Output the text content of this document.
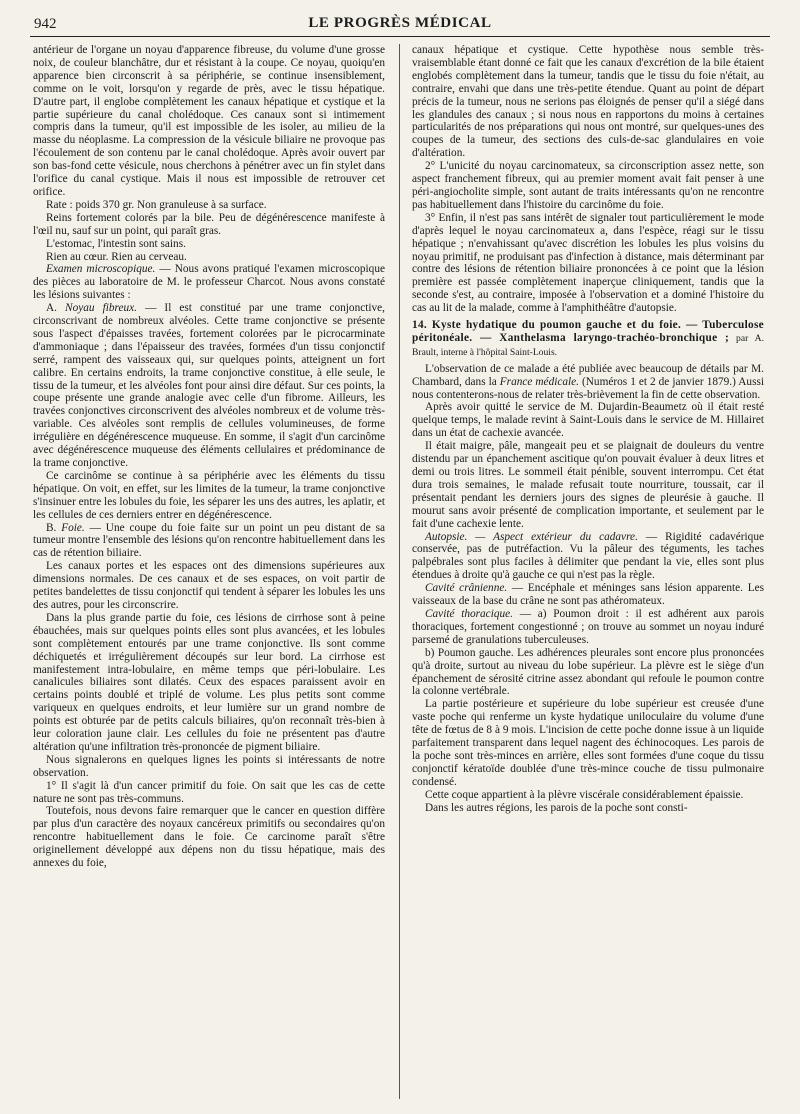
942	LE PROGRÈS MÉDICAL

antérieur de l'organe un noyau d'apparence fibreuse, du volume d'une grosse noix, de couleur blanchâtre, dur et résistant à la coupe. Ce noyau, quoiqu'en apparence bien circonscrit à sa périphérie, se continue insensiblement, comme on le voit, lorsqu'on y regarde de près, avec le tissu hépatique. D'autre part, il englobe complètement les canaux hépatique et cystique et la partie supérieure du canal cholédoque. Ces canaux sont si intimement compris dans la tumeur, qu'il est impossible de les isoler, au milieu de la masse du néoplasme. La compression de la vésicule biliaire ne provoque pas l'écoulement de son contenu par le canal cholédoque. Après avoir ouvert par son bas-fond cette vésicule, nous cherchons à pénétrer avec un fin stylet dans l'orifice du canal cystique. Mais il nous est impossible de retrouver cet orifice.

Rate : poids 370 gr. Non granuleuse à sa surface.

Reins fortement colorés par la bile. Peu de dégénérescence manifeste à l'œil nu, sauf sur un point, qui paraît gras.

L'estomac, l'intestin sont sains.

Rien au cœur. Rien au cerveau.

Examen microscopique. — Nous avons pratiqué l'examen microscopique des pièces au laboratoire de M. le professeur Charcot. Nous avons constaté les lésions suivantes :

A. Noyau fibreux. — Il est constitué par une trame conjonctive, circonscrivant de nombreux alvéoles. Cette trame conjonctive se présente sous l'aspect d'épaisses travées, fortement colorées par le picrocarminate d'ammoniaque ; dans l'épaisseur des travées, formées d'un tissu conjonctif serré, rampent des vaisseaux qui, sur quelques points, atteignent un fort calibre. En certains endroits, la trame conjonctive constitue, à elle seule, le tissu de la tumeur, et les alvéoles font pour ainsi dire défaut. Sur ces points, la coupe présente une grande analogie avec celle d'un fibrome. Ailleurs, les travées conjonctives circonscrivent des alvéoles nombreux et de volume très-variable. Ces alvéoles sont remplis de cellules volumineuses, de forme irrégulière en dégénérescence muqueuse. En somme, il s'agit d'un carcinôme avec dégénérescence muqueuse des éléments cellulaires et prédominance de la trame conjonctive.

Ce carcinôme se continue à sa périphérie avec les éléments du tissu hépatique. On voit, en effet, sur les limites de la tumeur, la trame conjonctive s'insinuer entre les lobules du foie, les séparer les uns des autres, les aplatir, et les cellules de ces derniers entrer en dégénérescence.

B. Foie. — Une coupe du foie faite sur un point un peu distant de sa tumeur montre l'ensemble des lésions qu'on rencontre habituellement dans les cas de rétention biliaire.

Les canaux portes et les espaces ont des dimensions supérieures aux dimensions normales. De ces canaux et de ses espaces, on voit partir de petites bandelettes de tissu conjonctif qui tendent à séparer les lobules les uns des autres, pour les circonscrire.

Dans la plus grande partie du foie, ces lésions de cirrhose sont à peine ébauchées, mais sur quelques points elles sont plus avancées, et les lobules sont complètement entourés par une trame conjonctive. Ils sont comme déchiquetés et irrégulièrement découpés sur leur bord. La cirrhose est manifestement intra-lobulaire, en même temps que péri-lobulaire. Les canalicules biliaires sont dilatés. Ceux des espaces paraissent avoir en certains points doublé et triplé de volume. Les plus petits sont comme variqueux en quelques endroits, et leur lumière sur un grand nombre de points est obturée par de petits calculs biliaires, qu'on reconnaît très-bien à leur coloration jaune clair. Les cellules du foie ne présentent pas d'autre altération qu'une infiltration très-prononcée de pigment biliaire.

Nous signalerons en quelques lignes les points si intéressants de notre observation.

1° Il s'agit là d'un cancer primitif du foie. On sait que les cas de cette nature ne sont pas très-communs.

Toutefois, nous devons faire remarquer que le cancer en question diffère par plus d'un caractère des noyaux cancéreux primitifs ou secondaires qu'on rencontre habituellement dans le foie. Ce carcinome paraît s'être originellement développé aux dépens non du tissu hépatique, mais des annexes du foie,

canaux hépatique et cystique. Cette hypothèse nous semble très-vraisemblable étant donné ce fait que les canaux d'excrétion de la bile étaient englobés complètement dans la tumeur, tandis que le tissu du foie n'était, au contraire, envahi que dans une très-petite étendue. Quant au point de départ précis de la tumeur, nous ne serions pas éloignés de penser qu'il a siégé dans les glandules des canaux ; si nous nous en rapportons du moins à certaines particularités de nos préparations qui nous ont montré, sur quelques-unes des coupes de la tumeur, des sections des culs-de-sac glandulaires en voie d'altération.

2° L'unicité du noyau carcinomateux, sa circonscription assez nette, son aspect franchement fibreux, qui au premier moment avait fait penser à une péri-angiocholite simple, sont autant de traits intéressants qu'on ne rencontre pas habituellement dans l'histoire du carcinôme du foie.

3° Enfin, il n'est pas sans intérêt de signaler tout particulièrement le mode d'après lequel le noyau carcinomateux a, dans l'espèce, réagi sur le tissu hépatique ; n'envahissant qu'avec discrétion les lobules les plus voisins du noyau primitif, ne produisant pas d'infection à distance, mais déterminant par contre des lésions de rétention biliaire prononcées à ce point que la lésion première est passée complètement inaperçue cliniquement, tandis que la seconde s'est, au contraire, imposée à l'observation et a dominé l'histoire du cas au lit de la malade, comme à l'amphithéâtre d'autopsie.

14. Kyste hydatique du poumon gauche et du foie. — Tuberculose péritonéale. — Xanthelasma laryngo-trachéo-bronchique ; par A. Brault, interne à l'hôpital Saint-Louis.

L'observation de ce malade a été publiée avec beaucoup de détails par M. Chambard, dans la France médicale. (Numéros 1 et 2 de janvier 1879.) Aussi nous contenterons-nous de relater très-brièvement la fin de cette observation.

Après avoir quitté le service de M. Dujardin-Beaumetz où il était resté quelque temps, le malade revint à Saint-Louis dans le service de M. Hillairet dans un état de cachexie avancée.

Il était maigre, pâle, mangeait peu et se plaignait de douleurs du ventre distendu par un épanchement ascitique qu'on pouvait évaluer à deux litres et demi ou trois litres. Le sommeil était pénible, souvent interrompu. Cet état dura trois semaines, le malade refusait toute nourriture, toussait, car il présentait pendant les derniers jours des signes de pleurésie à gauche. Il mourut sans avoir présenté de complication importante, et seulement par le fait d'une cachexie lente.

Autopsie. — Aspect extérieur du cadavre. — Rigidité cadavérique conservée, pas de putréfaction. Vu la pâleur des téguments, les taches palpébrales sont plus faciles à délimiter que pendant la vie, elles sont plus étendues à droite qu'à gauche ce qui n'est pas la règle.

Cavité crânienne. — Encéphale et méninges sans lésion apparente. Les vaisseaux de la base du crâne ne sont pas athéromateux.

Cavité thoracique. — a) Poumon droit : il est adhérent aux parois thoraciques, fortement congestionné ; on trouve au sommet un noyau induré parsemé de granulations tuberculeuses.

b) Poumon gauche. Les adhérences pleurales sont encore plus prononcées qu'à droite, surtout au niveau du lobe supérieur. La plèvre est le siège d'un épanchement de sérosité citrine assez abondant qui refoule le poumon contre la colonne vertébrale.

La partie postérieure et supérieure du lobe supérieur est creusée d'une vaste poche qui renferme un kyste hydatique uniloculaire du volume d'une tête de fœtus de 8 à 9 mois. L'incision de cette poche donne issue à un liquide parfaitement transparent dans lequel nagent des échinocoques. Les parois de la poche sont très-minces en arrière, elles sont formées d'une coque du tissu conjonctif kératoïde doublée d'une très-mince couche de tissu pulmonaire condensé.

Cette coque appartient à la plèvre viscérale considérablement épaissie.

Dans les autres régions, les parois de la poche sont consti-
